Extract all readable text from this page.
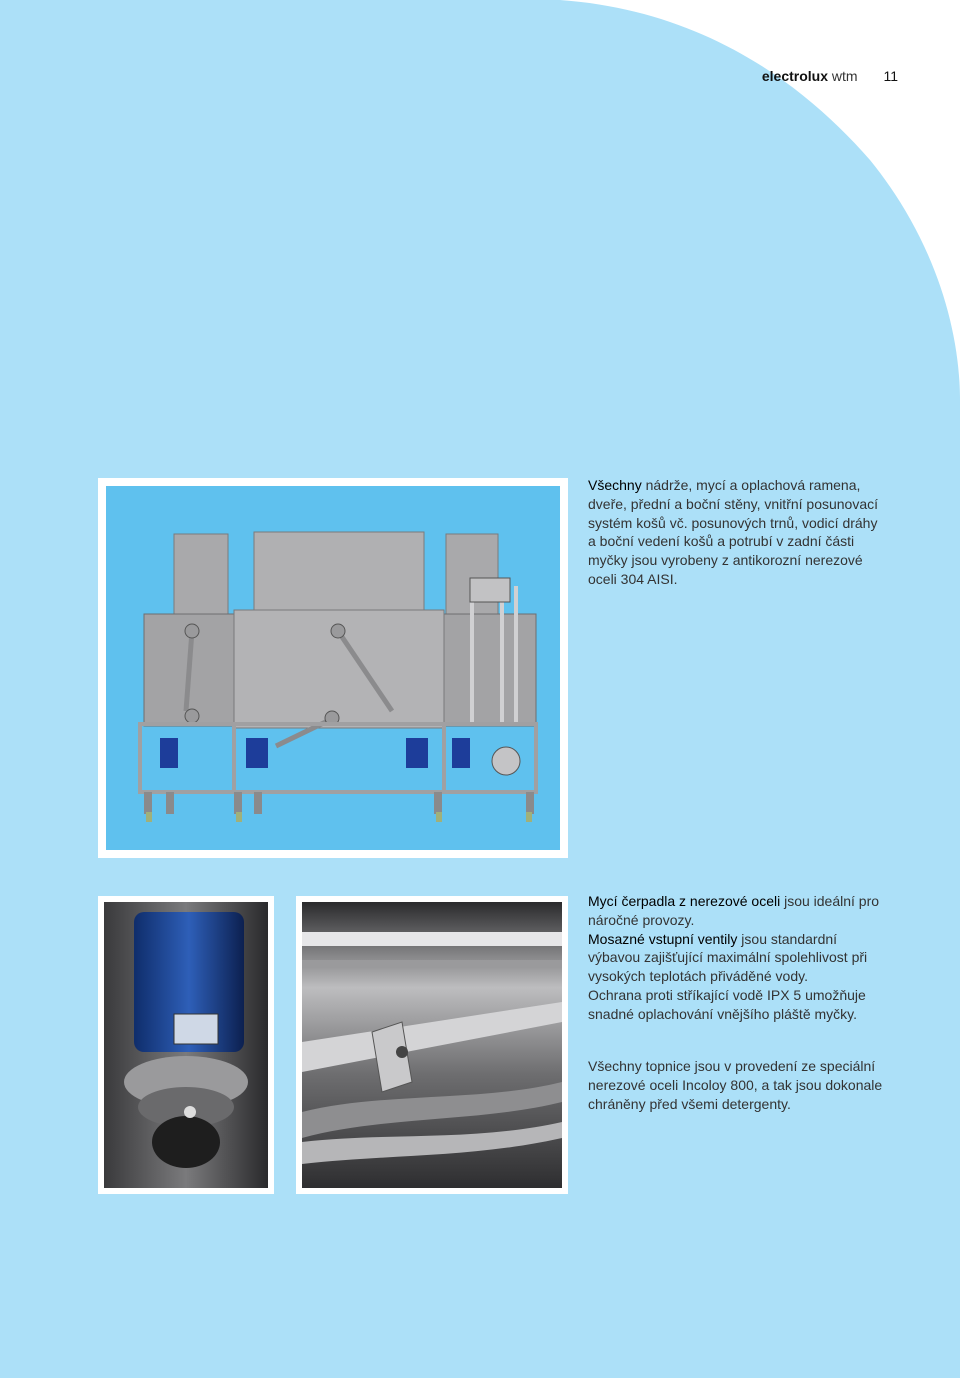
electrolux wtm 11

Všechny nádrže, mycí a oplachová ramena, dveře, přední a boční stěny, vnitřní posunovací systém košů vč. posunových trnů, vodicí dráhy a boční vedení košů a potrubí v zadní části myčky jsou vyrobeny z antikorozní nerezové oceli 304 AISI.

Mycí čerpadla z nerezové oceli jsou ideální pro náročné provozy.

Mosazné vstupní ventily jsou standardní výbavou zajišťující maximální spolehlivost při vysokých teplotách přiváděné vody.

Ochrana proti stříkající vodě IPX 5 umožňuje snadné oplachování vnějšího pláště myčky.

Všechny topnice jsou v provedení ze speciální nerezové oceli Incoloy 800, a tak jsou dokonale chráněny před všemi detergenty.
